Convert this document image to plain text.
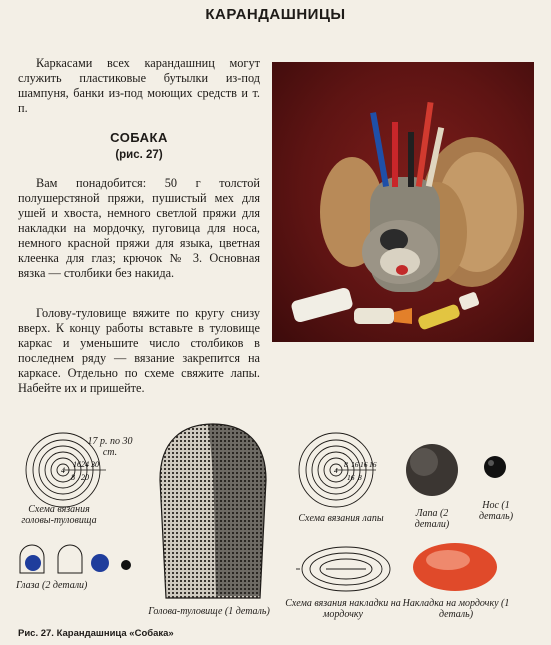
КАРАНДАШНИЦЫ

Каркасами всех карандашниц могут служить пластиковые бутылки из-под шампуня, банки из-под моющих средств и т. п.

СОБАКА
(рис. 27)

Вам понадобится: 50 г толстой полушерстяной пряжи, пушистый мех для ушей и хвоста, немного светлой пряжи для накладки на мордочку, пуговица для носа, немного красной пряжи для языка, цветная клеенка для глаз; крючок № 3. Основная вязка — столбики без накида.

Голову-туловище вяжите по кругу снизу вверх. К концу работы вставьте в туловище каркас и уменьшите число столбиков в последнем ряду — вязание закрепится на каркасе. Отдельно по схеме свяжите лапы. Набейте их и пришейте.

4
16 24 30
8 20
17 р. по 30 ст.
Схема вязания головы-туловища
Глаза (2 детали)
Голова-туловище (1 деталь)
4
8 16 16 16
16 8
Схема вязания лапы	Лапа (2 детали)
Нос (1 деталь)
Схема вязания накладки на мордочку
Накладка на мордочку (1 деталь)
Рис. 27. Карандашница «Собака»
